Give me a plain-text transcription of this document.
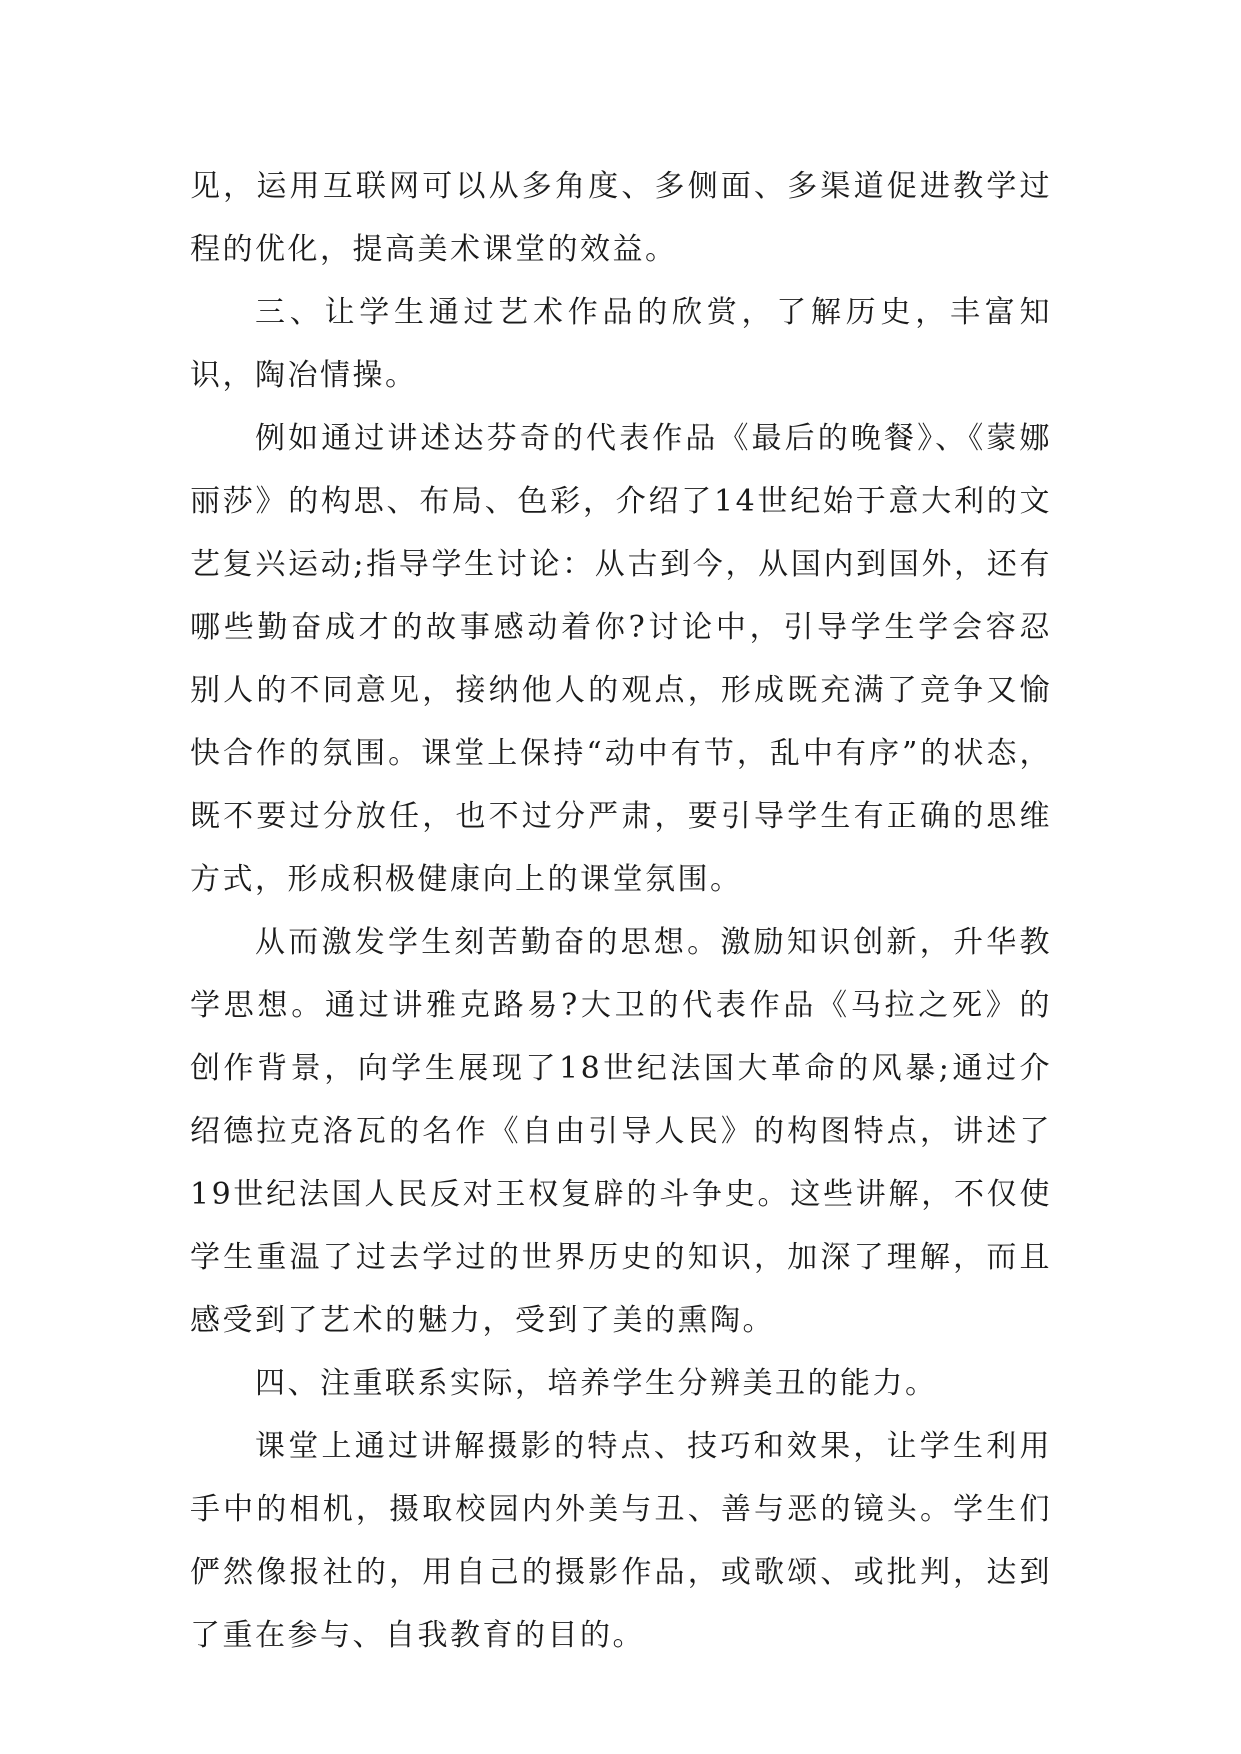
见，运用互联网可以从多角度、多侧面、多渠道促进教学过程的优化，提高美术课堂的效益。

三、让学生通过艺术作品的欣赏，了解历史，丰富知识，陶冶情操。

例如通过讲述达芬奇的代表作品《最后的晚餐》、《蒙娜丽莎》的构思、布局、色彩，介绍了14世纪始于意大利的文艺复兴运动;指导学生讨论：从古到今，从国内到国外，还有哪些勤奋成才的故事感动着你?讨论中，引导学生学会容忍别人的不同意见，接纳他人的观点，形成既充满了竞争又愉快合作的氛围。课堂上保持“动中有节，乱中有序”的状态，既不要过分放任，也不过分严肃，要引导学生有正确的思维方式，形成积极健康向上的课堂氛围。

从而激发学生刻苦勤奋的思想。激励知识创新，升华教学思想。通过讲雅克路易?大卫的代表作品《马拉之死》的创作背景，向学生展现了18世纪法国大革命的风暴;通过介绍德拉克洛瓦的名作《自由引导人民》的构图特点，讲述了19世纪法国人民反对王权复辟的斗争史。这些讲解，不仅使学生重温了过去学过的世界历史的知识，加深了理解，而且感受到了艺术的魅力，受到了美的熏陶。

四、注重联系实际，培养学生分辨美丑的能力。

课堂上通过讲解摄影的特点、技巧和效果，让学生利用手中的相机，摄取校园内外美与丑、善与恶的镜头。学生们俨然像报社的，用自己的摄影作品，或歌颂、或批判，达到了重在参与、自我教育的目的。
